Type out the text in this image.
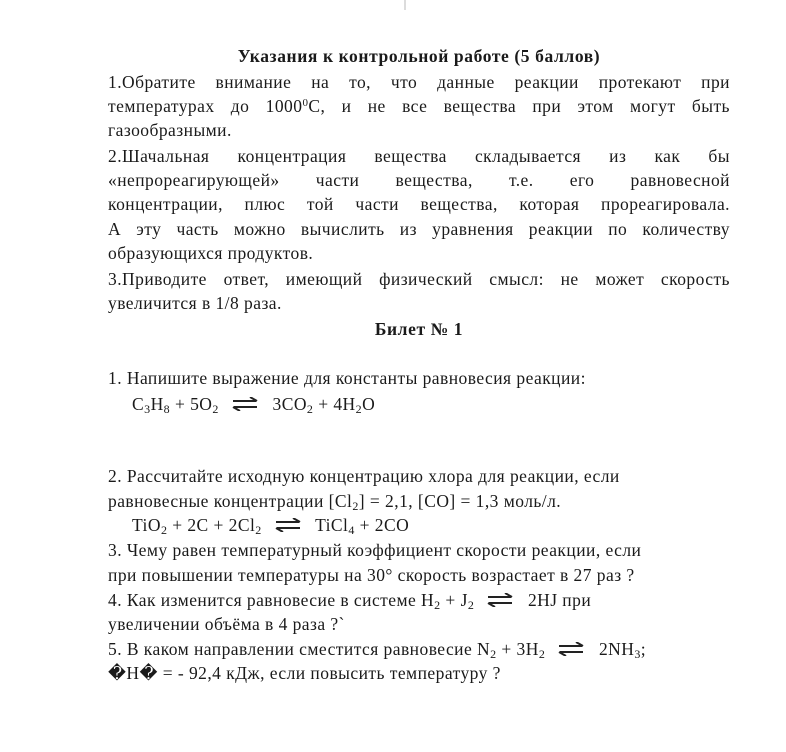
Указания к контрольной работе (5 баллов)
1.Обратите внимание на то, что данные реакции протекают при
температурах до 1000$^0$С, и не все вещества при этом могут быть
газообразными.
2.Шачальная концентрация вещества складывается из как бы
«непрореагирующей» части вещества, т.е. его равновесной
концентрации, плюс той части вещества, которая прореагировала.
А эту часть можно вычислить из уравнения реакции по количеству
образующихся продуктов.
3.Приводите ответ, имеющий физический смысл: не может скорость
увеличится в 1/8 раза.
Билет № 1
1. Напишите выражение для константы равновесия реакции:
$C_3H_8 + 5O_2$ ⇌ $3CO_2 + 4H_2O$
2. Рассчитайте исходную концентрацию хлора для реакции, если
равновесные концентрации $[Cl_2] = 2,1$, [CO] = 1,3 моль/л.
$TiO_2 + 2C + 2Cl_2$ ⇌ TiCl$_4$ + 2CO
3. Чему равен температурный коэффициент скорости реакции, если
при повышении температуры на 30° скорость возрастает в 27 раз ?
4. Как изменится равновесие в системе $H_2 + J_2$ ⇌ 2HJ при
увеличении объёма в 4 раза ?`
5. В каком направлении сместится равновесие $N_2 + 3H_2$ ⇌ $2NH_3$;
�H� = - 92,4 кДж, если повысить температуру ?
